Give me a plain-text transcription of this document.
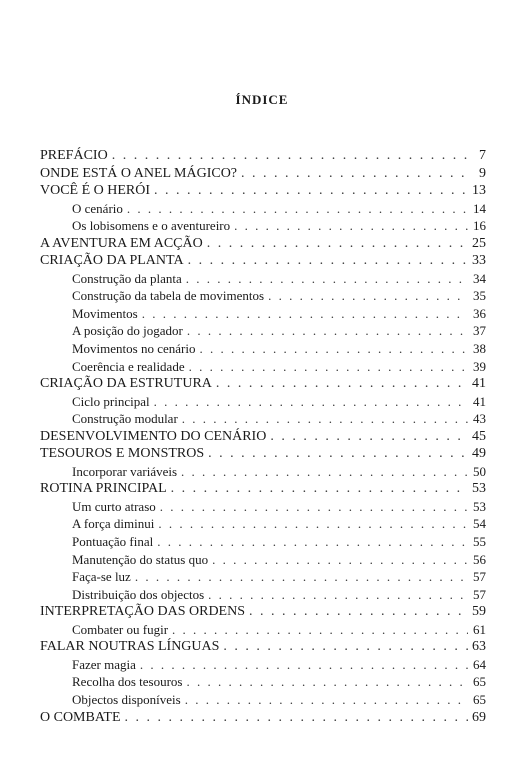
ÍNDICE
PREFÁCIO . . .	7
ONDE ESTÁ O ANEL MÁGICO? . . .	9
VOCÊ É O HERÓI . . .	13
O cenário . . .	14
Os lobisomens e o aventureiro . . .	16
A AVENTURA EM ACÇÃO . . .	25
CRIAÇÃO DA PLANTA . . .	33
Construção da planta . . .	34
Construção da tabela de movimentos . . .	35
Movimentos . . .	36
A posição do jogador . . .	37
Movimentos no cenário . . .	38
Coerência e realidade . . .	39
CRIAÇÃO DA ESTRUTURA . . .	41
Ciclo principal . . .	41
Construção modular . . .	43
DESENVOLVIMENTO DO CENÁRIO . . .	45
TESOUROS E MONSTROS . . .	49
Incorporar variáveis . . .	50
ROTINA PRINCIPAL . . .	53
Um curto atraso . . .	53
A força diminui . . .	54
Pontuação final . . .	55
Manutenção do status quo . . .	56
Faça-se luz . . .	57
Distribuição dos objectos . . .	57
INTERPRETAÇÃO DAS ORDENS . . .	59
Combater ou fugir . . .	61
FALAR NOUTRAS LÍNGUAS . . .	63
Fazer magia . . .	64
Recolha dos tesouros . . .	65
Objectos disponíveis . . .	65
O COMBATE . . .	69
